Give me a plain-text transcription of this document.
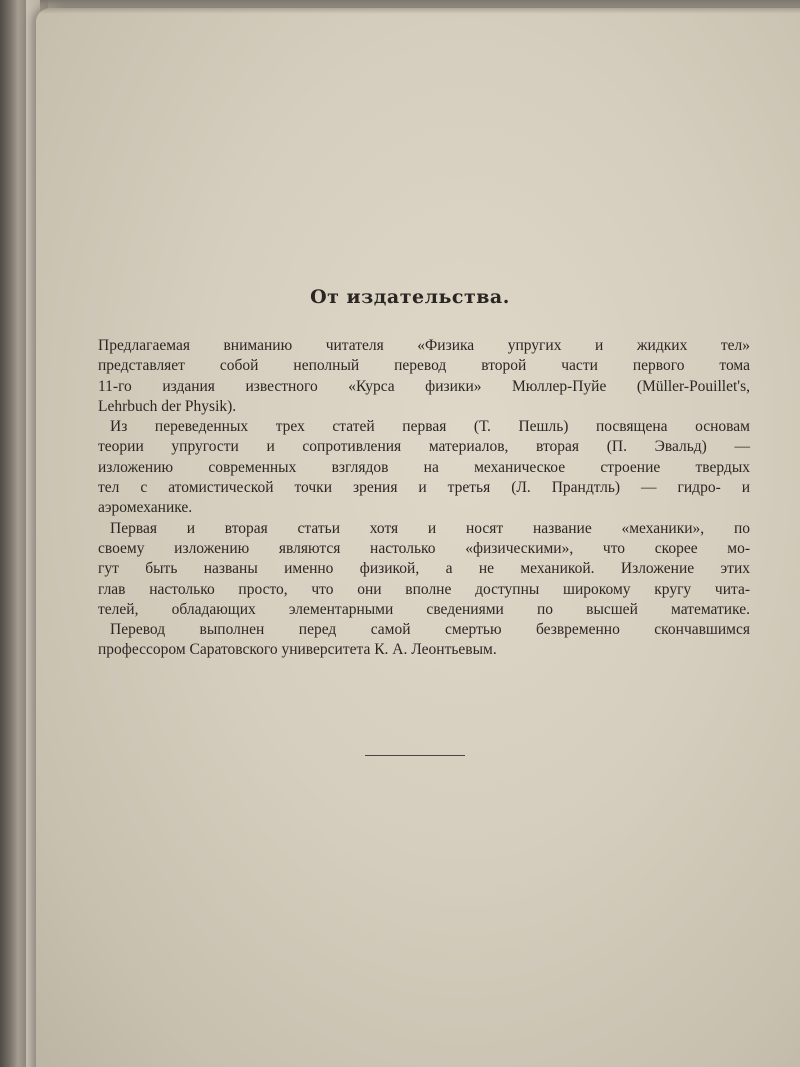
От издательства.

Предлагаемая вниманию читателя «Физика упругих и жидких тел»
представляет собой неполный перевод второй части первого тома
11-го издания известного «Курса физики» Мюллер-Пуйе (Müller-Pouillet's,
Lehrbuch der Physik).

Из переведенных трех статей первая (Т. Пешль) посвящена основам
теории упругости и сопротивления материалов, вторая (П. Эвальд) —
изложению современных взглядов на механическое строение твердых
тел с атомистической точки зрения и третья (Л. Прандтль) — гидро- и
аэромеханике.

Первая и вторая статьи хотя и носят название «механики», по
своему изложению являются настолько «физическими», что скорее мо-
гут быть названы именно физикой, а не механикой. Изложение этих
глав настолько просто, что они вполне доступны широкому кругу чита-
телей, обладающих элементарными сведениями по высшей математике.

Перевод выполнен перед самой смертью безвременно скончавшимся
профессором Саратовского университета К. А. Леонтьевым.
